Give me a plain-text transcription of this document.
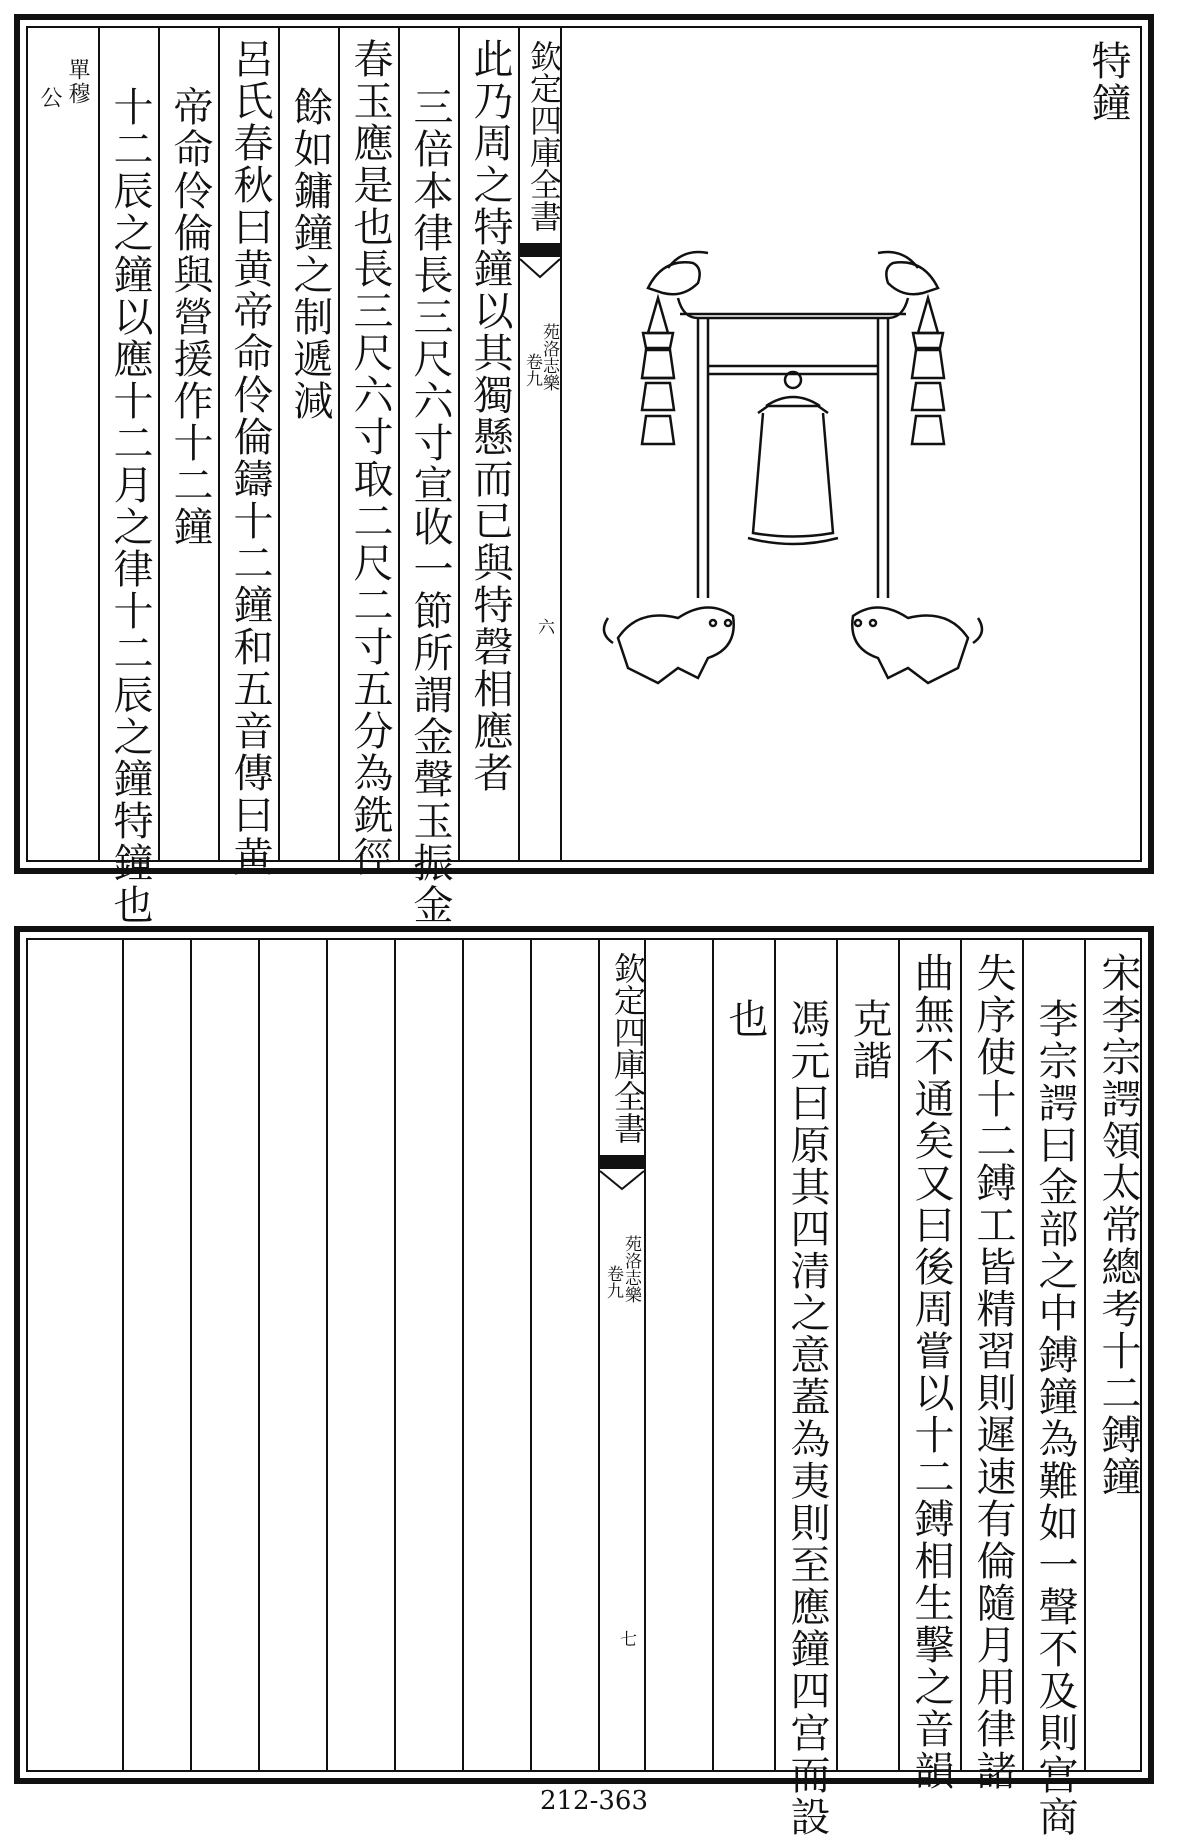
特鐘
欽定四庫全書
苑洛志樂
卷九
六
此乃周之特鐘以其獨懸而已與特磬相應者
三倍本律長三尺六寸宣收一節所謂金聲玉振金
春玉應是也長三尺六寸取二尺二寸五分為銑徑
餘如鏞鐘之制遞減
呂氏春秋曰黄帝命伶倫鑄十二鐘和五音傳曰黄
帝命伶倫與營援作十二鐘
十二辰之鐘以應十二月之律十二辰之鐘特鐘也
單穆
公
宋李宗諤領太常總考十二鎛鐘
李宗諤曰金部之中鎛鐘為難如一聲不及則宫商
失序使十二鎛工皆精習則遲速有倫隨月用律諸
曲無不通矣又曰後周嘗以十二鎛相生擊之音韻
克諧
馮元曰原其四清之意蓋為夷則至應鐘四宫而設
也
欽定四庫全書
苑洛志樂
卷九
七
212-363
